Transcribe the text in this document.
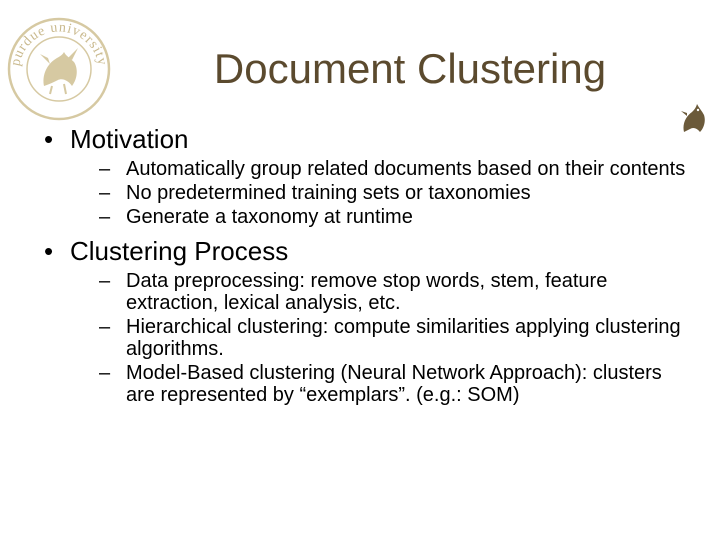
purdue university	Document Clustering

• Motivation

– Automatically group related documents based on their contents
– No predetermined training sets or taxonomies
– Generate a taxonomy at runtime

• Clustering Process

– Data preprocessing: remove stop words, stem, feature extraction, lexical analysis, etc.
– Hierarchical clustering: compute similarities applying clustering algorithms.
– Model-Based clustering (Neural Network Approach): clusters are represented by “exemplars”. (e.g.: SOM)
